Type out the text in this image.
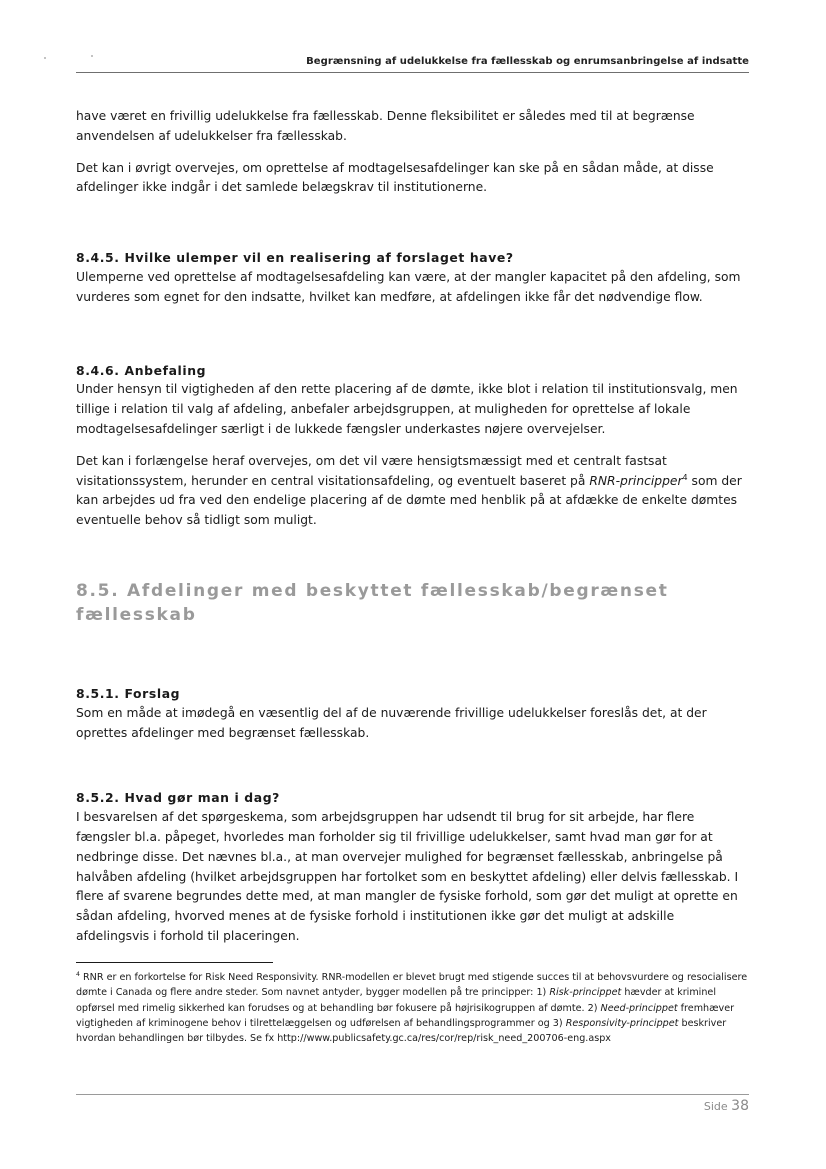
Begrænsning af udelukkelse fra fællesskab og enrumsanbringelse af indsatte

have været en frivillig udelukkelse fra fællesskab. Denne fleksibilitet er således med til at begrænse anvendelsen af udelukkelser fra fællesskab.

Det kan i øvrigt overvejes, om oprettelse af modtagelsesafdelinger kan ske på en sådan måde, at disse afdelinger ikke indgår i det samlede belægskrav til institutionerne.

8.4.5. Hvilke ulemper vil en realisering af forslaget have?

Ulemperne ved oprettelse af modtagelsesafdeling kan være, at der mangler kapacitet på den afdeling, som vurderes som egnet for den indsatte, hvilket kan medføre, at afdelingen ikke får det nødvendige flow.

8.4.6. Anbefaling

Under hensyn til vigtigheden af den rette placering af de dømte, ikke blot i relation til institutionsvalg, men tillige i relation til valg af afdeling, anbefaler arbejdsgruppen, at muligheden for oprettelse af lokale modtagelsesafdelinger særligt i de lukkede fængsler underkastes nøjere overvejelser.

Det kan i forlængelse heraf overvejes, om det vil være hensigtsmæssigt med et centralt fastsat visitationssystem, herunder en central visitationsafdeling, og eventuelt baseret på RNR-principper$^4$ som der kan arbejdes ud fra ved den endelige placering af de dømte med henblik på at afdække de enkelte dømtes eventuelle behov så tidligt som muligt.

8.5. Afdelinger med beskyttet fællesskab/begrænset fællesskab
8.5.1. Forslag

Som en måde at imødegå en væsentlig del af de nuværende frivillige udelukkelser foreslås det, at der oprettes afdelinger med begrænset fællesskab.

8.5.2. Hvad gør man i dag?

I besvarelsen af det spørgeskema, som arbejdsgruppen har udsendt til brug for sit arbejde, har flere fængsler bl.a. påpeget, hvorledes man forholder sig til frivillige udelukkelser, samt hvad man gør for at nedbringe disse. Det nævnes bl.a., at man overvejer mulighed for begrænset fællesskab, anbringelse på halvåben afdeling (hvilket arbejdsgruppen har fortolket som en beskyttet afdeling) eller delvis fællesskab. I flere af svarene begrundes dette med, at man mangler de fysiske forhold, som gør det muligt at oprette en sådan afdeling, hvorved menes at de fysiske forhold i institutionen ikke gør det muligt at adskille afdelingsvis i forhold til placeringen.

$^4$ RNR er en forkortelse for Risk Need Responsivity. RNR-modellen er blevet brugt med stigende succes til at behovsvurdere og resocialisere dømte i Canada og flere andre steder. Som navnet antyder, bygger modellen på tre principper: 1) Risk-princippet hævder at kriminel opførsel med rimelig sikkerhed kan forudses og at behandling bør fokusere på højrisikogruppen af dømte. 2) Need-princippet fremhæver vigtigheden af kriminogene behov i tilrettelæggelsen og udførelsen af behandlingsprogrammer og 3) Responsivity-princippet beskriver hvordan behandlingen bør tilbydes. Se fx http://www.publicsafety.gc.ca/res/cor/rep/risk_need_200706-eng.aspx
Side 38
